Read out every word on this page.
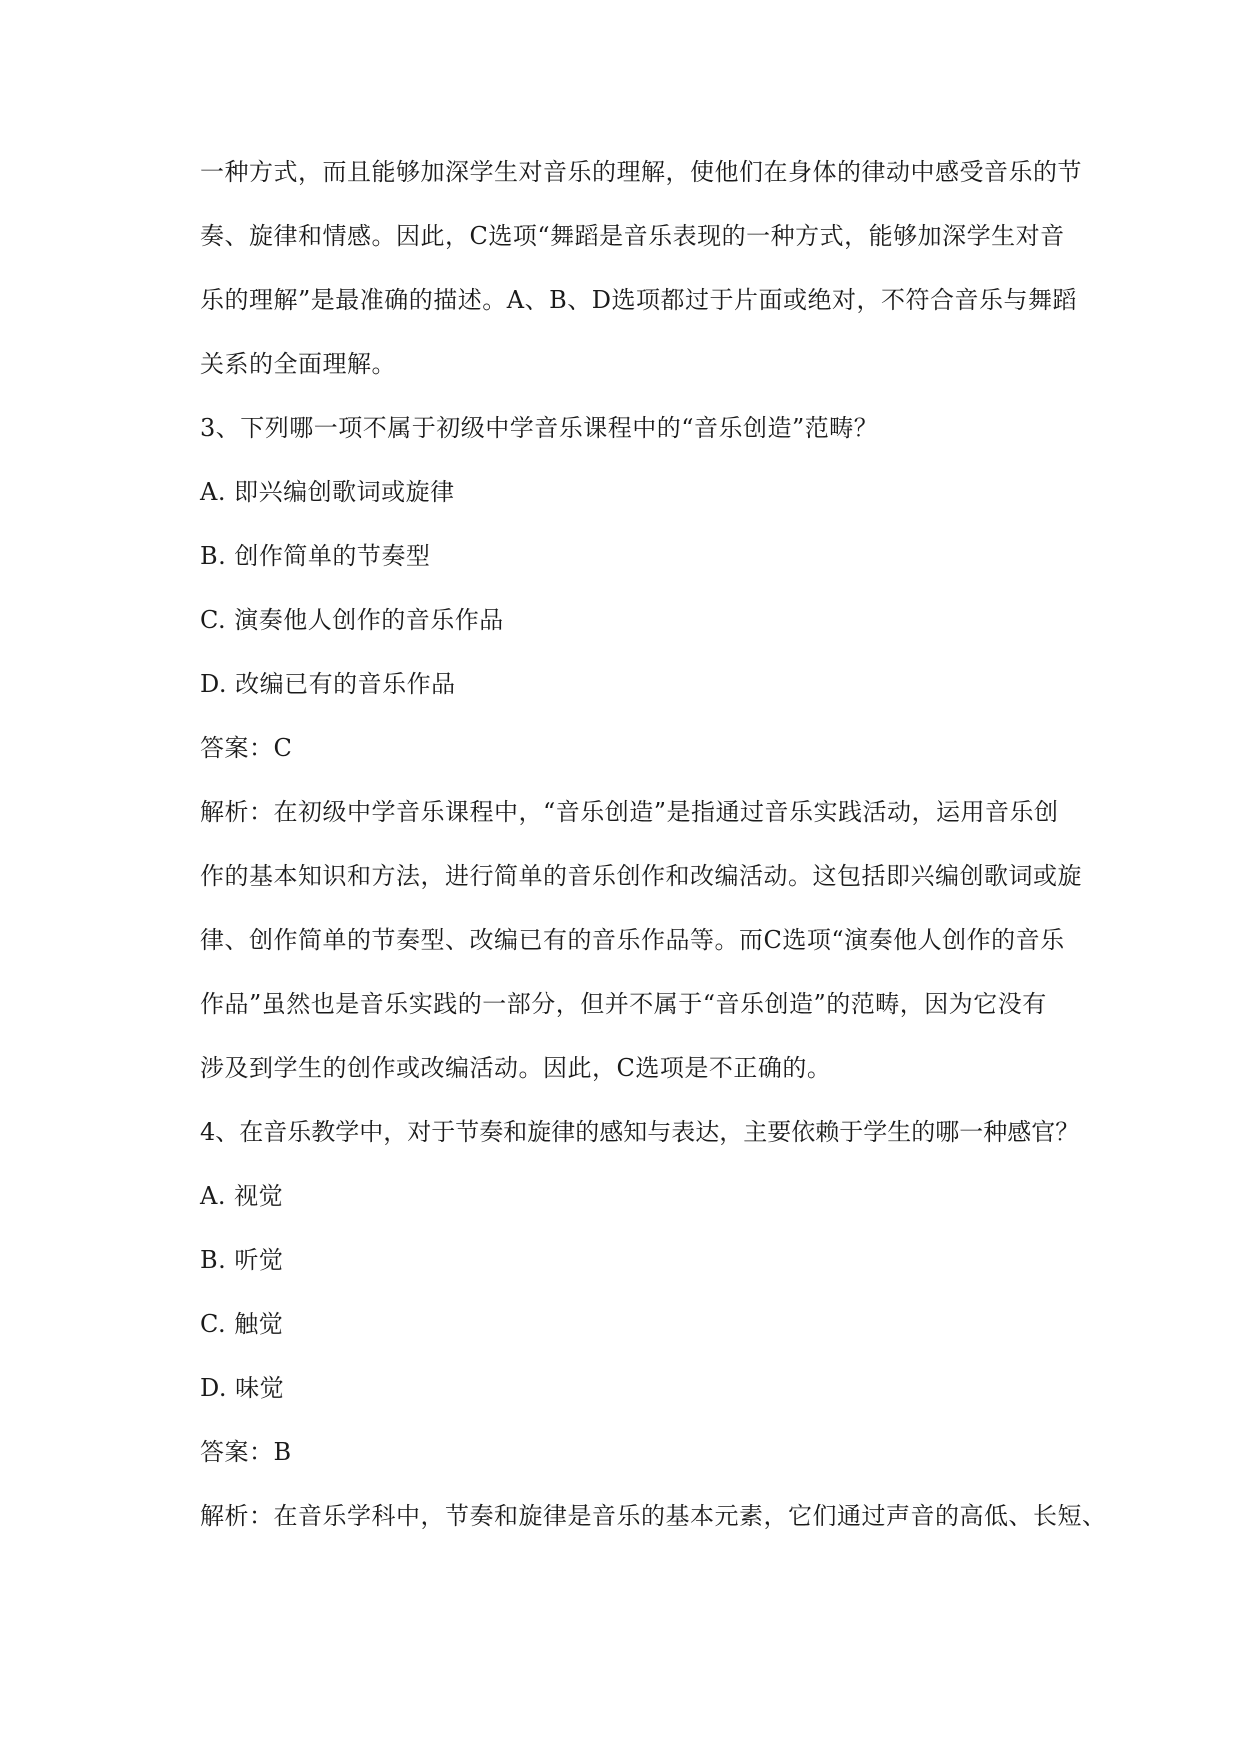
一种方式，而且能够加深学生对音乐的理解，使他们在身体的律动中感受音乐的节
奏、旋律和情感。因此，C选项“舞蹈是音乐表现的一种方式，能够加深学生对音
乐的理解”是最准确的描述。A、B、D选项都过于片面或绝对，不符合音乐与舞蹈
关系的全面理解。
3、下列哪一项不属于初级中学音乐课程中的“音乐创造”范畴？
A. 即兴编创歌词或旋律
B. 创作简单的节奏型
C. 演奏他人创作的音乐作品
D. 改编已有的音乐作品
答案：C
解析：在初级中学音乐课程中，“音乐创造”是指通过音乐实践活动，运用音乐创
作的基本知识和方法，进行简单的音乐创作和改编活动。这包括即兴编创歌词或旋
律、创作简单的节奏型、改编已有的音乐作品等。而C选项“演奏他人创作的音乐
作品”虽然也是音乐实践的一部分，但并不属于“音乐创造”的范畴，因为它没有
涉及到学生的创作或改编活动。因此，C选项是不正确的。
4、在音乐教学中，对于节奏和旋律的感知与表达，主要依赖于学生的哪一种感官？
A. 视觉
B. 听觉
C. 触觉
D. 味觉
答案：B
解析：在音乐学科中，节奏和旋律是音乐的基本元素，它们通过声音的高低、长短、
